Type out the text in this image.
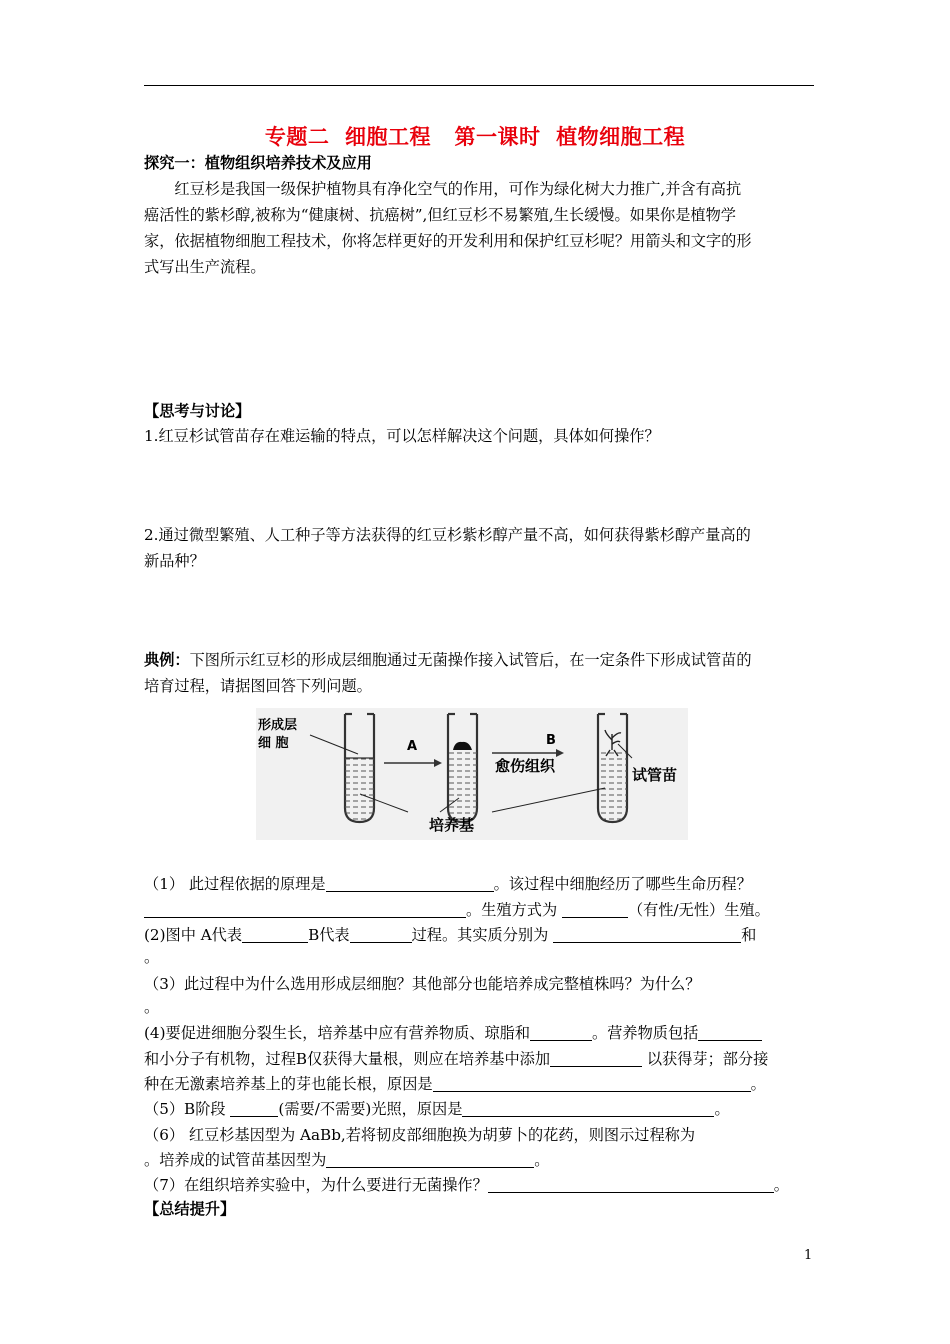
专题二  细胞工程   第一课时  植物细胞工程
探究一：植物组织培养技术及应用
　　红豆杉是我国一级保护植物具有净化空气的作用，可作为绿化树大力推广,并含有高抗
癌活性的紫杉醇,被称为“健康树、抗癌树”,但红豆杉不易繁殖,生长缓慢。如果你是植物学
家，依据植物细胞工程技术，你将怎样更好的开发利用和保护红豆杉呢？用箭头和文字的形
式写出生产流程。
【思考与讨论】
1.红豆杉试管苗存在难运输的特点，可以怎样解决这个问题，具体如何操作？
2.通过微型繁殖、人工种子等方法获得的红豆杉紫杉醇产量不高，如何获得紫杉醇产量高的
新品种？
典例：下图所示红豆杉的形成层细胞通过无菌操作接入试管后，在一定条件下形成试管苗的
培育过程，请据图回答下列问题。
形成层
细 胞	A	B
愈伤组织	试管苗
培养基
（1） 此过程依据的原理是	。该过程中细胞经历了哪些生命历程？
。生殖方式为	（有性/无性）生殖。
(2)图中 A代表	B代表	过程。其实质分别为	和
。
（3）此过程中为什么选用形成层细胞？其他部分也能培养成完整植株吗？为什么？
。
(4)要促进细胞分裂生长，培养基中应有营养物质、琼脂和	。营养物质包括
和小分子有机物，过程B仅获得大量根，则应在培养基中添加	以获得芽；部分接
种在无激素培养基上的芽也能长根，原因是	。
（5）B阶段	(需要/不需要)光照，原因是	。
（6） 红豆杉基因型为 AaBb,若将韧皮部细胞换为胡萝卜的花药，则图示过程称为
。培养成的试管苗基因型为	。
（7）在组织培养实验中，为什么要进行无菌操作？	。
【总结提升】
1
